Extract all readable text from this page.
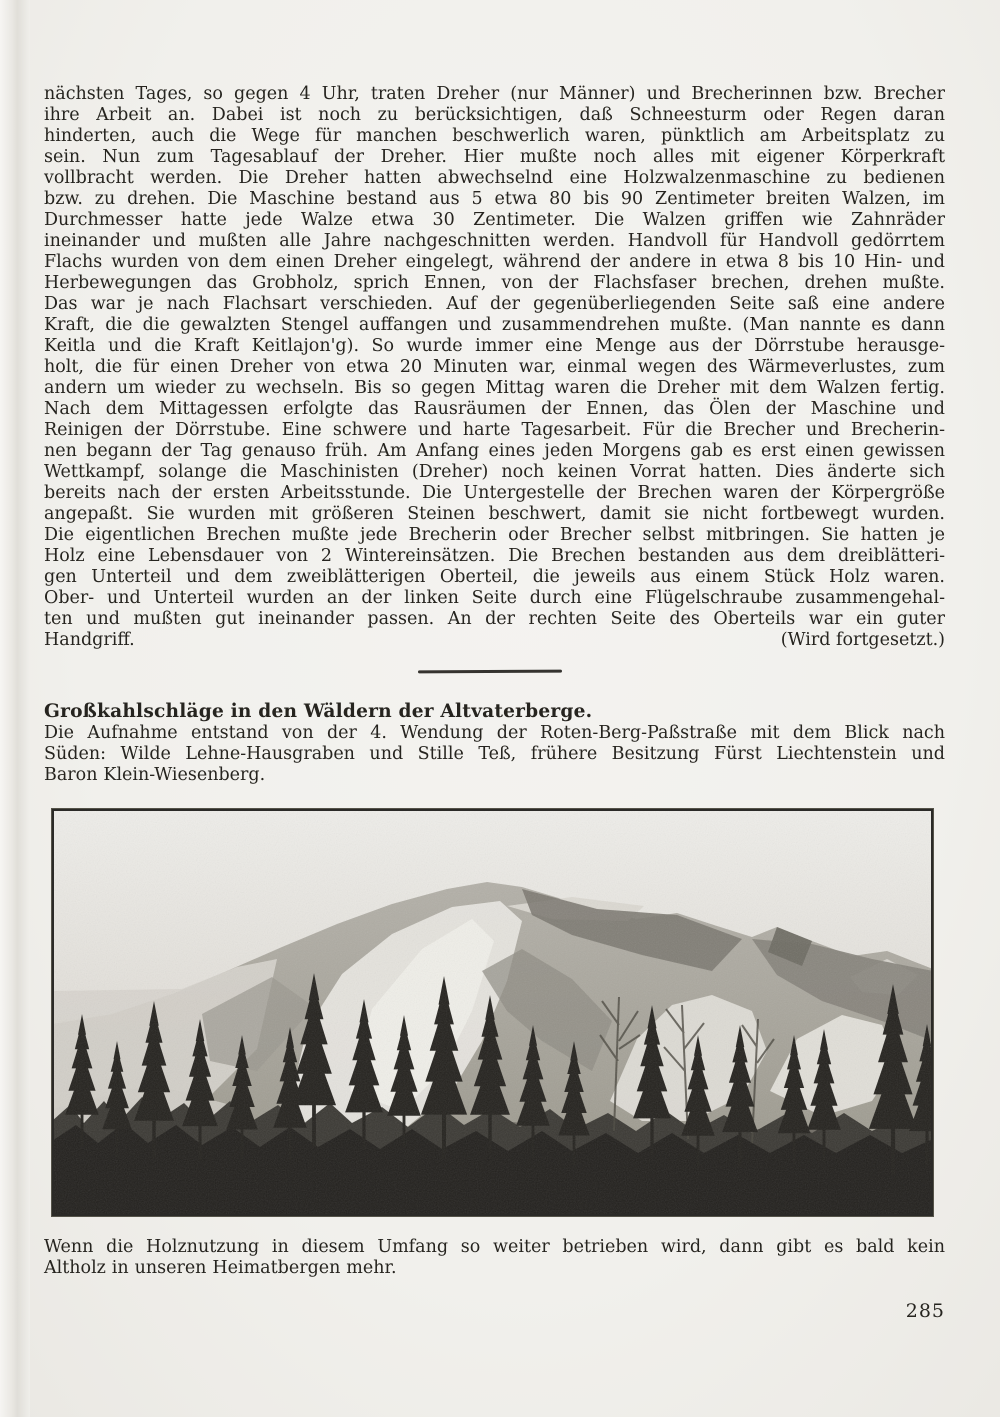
nächsten Tages, so gegen 4 Uhr, traten Dreher (nur Männer) und Brecherinnen bzw. Brecher
ihre Arbeit an. Dabei ist noch zu berücksichtigen, daß Schneesturm oder Regen daran
hinderten, auch die Wege für manchen beschwerlich waren, pünktlich am Arbeitsplatz zu
sein. Nun zum Tagesablauf der Dreher. Hier mußte noch alles mit eigener Körperkraft
vollbracht werden. Die Dreher hatten abwechselnd eine Holzwalzenmaschine zu bedienen
bzw. zu drehen. Die Maschine bestand aus 5 etwa 80 bis 90 Zentimeter breiten Walzen, im
Durchmesser hatte jede Walze etwa 30 Zentimeter. Die Walzen griffen wie Zahnräder
ineinander und mußten alle Jahre nachgeschnitten werden. Handvoll für Handvoll gedörrtem
Flachs wurden von dem einen Dreher eingelegt, während der andere in etwa 8 bis 10 Hin- und
Herbewegungen das Grobholz, sprich Ennen, von der Flachsfaser brechen, drehen mußte.
Das war je nach Flachsart verschieden. Auf der gegenüberliegenden Seite saß eine andere
Kraft, die die gewalzten Stengel auffangen und zusammendrehen mußte. (Man nannte es dann
Keitla und die Kraft Keitlajon'g). So wurde immer eine Menge aus der Dörrstube herausge-
holt, die für einen Dreher von etwa 20 Minuten war, einmal wegen des Wärmeverlustes, zum
andern um wieder zu wechseln. Bis so gegen Mittag waren die Dreher mit dem Walzen fertig.
Nach dem Mittagessen erfolgte das Rausräumen der Ennen, das Ölen der Maschine und
Reinigen der Dörrstube. Eine schwere und harte Tagesarbeit. Für die Brecher und Brecherin-
nen begann der Tag genauso früh. Am Anfang eines jeden Morgens gab es erst einen gewissen
Wettkampf, solange die Maschinisten (Dreher) noch keinen Vorrat hatten. Dies änderte sich
bereits nach der ersten Arbeitsstunde. Die Untergestelle der Brechen waren der Körpergröße
angepaßt. Sie wurden mit größeren Steinen beschwert, damit sie nicht fortbewegt wurden.
Die eigentlichen Brechen mußte jede Brecherin oder Brecher selbst mitbringen. Sie hatten je
Holz eine Lebensdauer von 2 Wintereinsätzen. Die Brechen bestanden aus dem dreiblätteri-
gen Unterteil und dem zweiblätterigen Oberteil, die jeweils aus einem Stück Holz waren.
Ober- und Unterteil wurden an der linken Seite durch eine Flügelschraube zusammengehal-
ten und mußten gut ineinander passen. An der rechten Seite des Oberteils war ein guter
Handgriff.	(Wird fortgesetzt.)
Großkahlschläge in den Wäldern der Altvaterberge.
Die Aufnahme entstand von der 4. Wendung der Roten-Berg-Paßstraße mit dem Blick nach
Süden: Wilde Lehne-Hausgraben und Stille Teß, frühere Besitzung Fürst Liechtenstein und
Baron Klein-Wiesenberg.
Wenn die Holznutzung in diesem Umfang so weiter betrieben wird, dann gibt es bald kein
Altholz in unseren Heimatbergen mehr.
285
